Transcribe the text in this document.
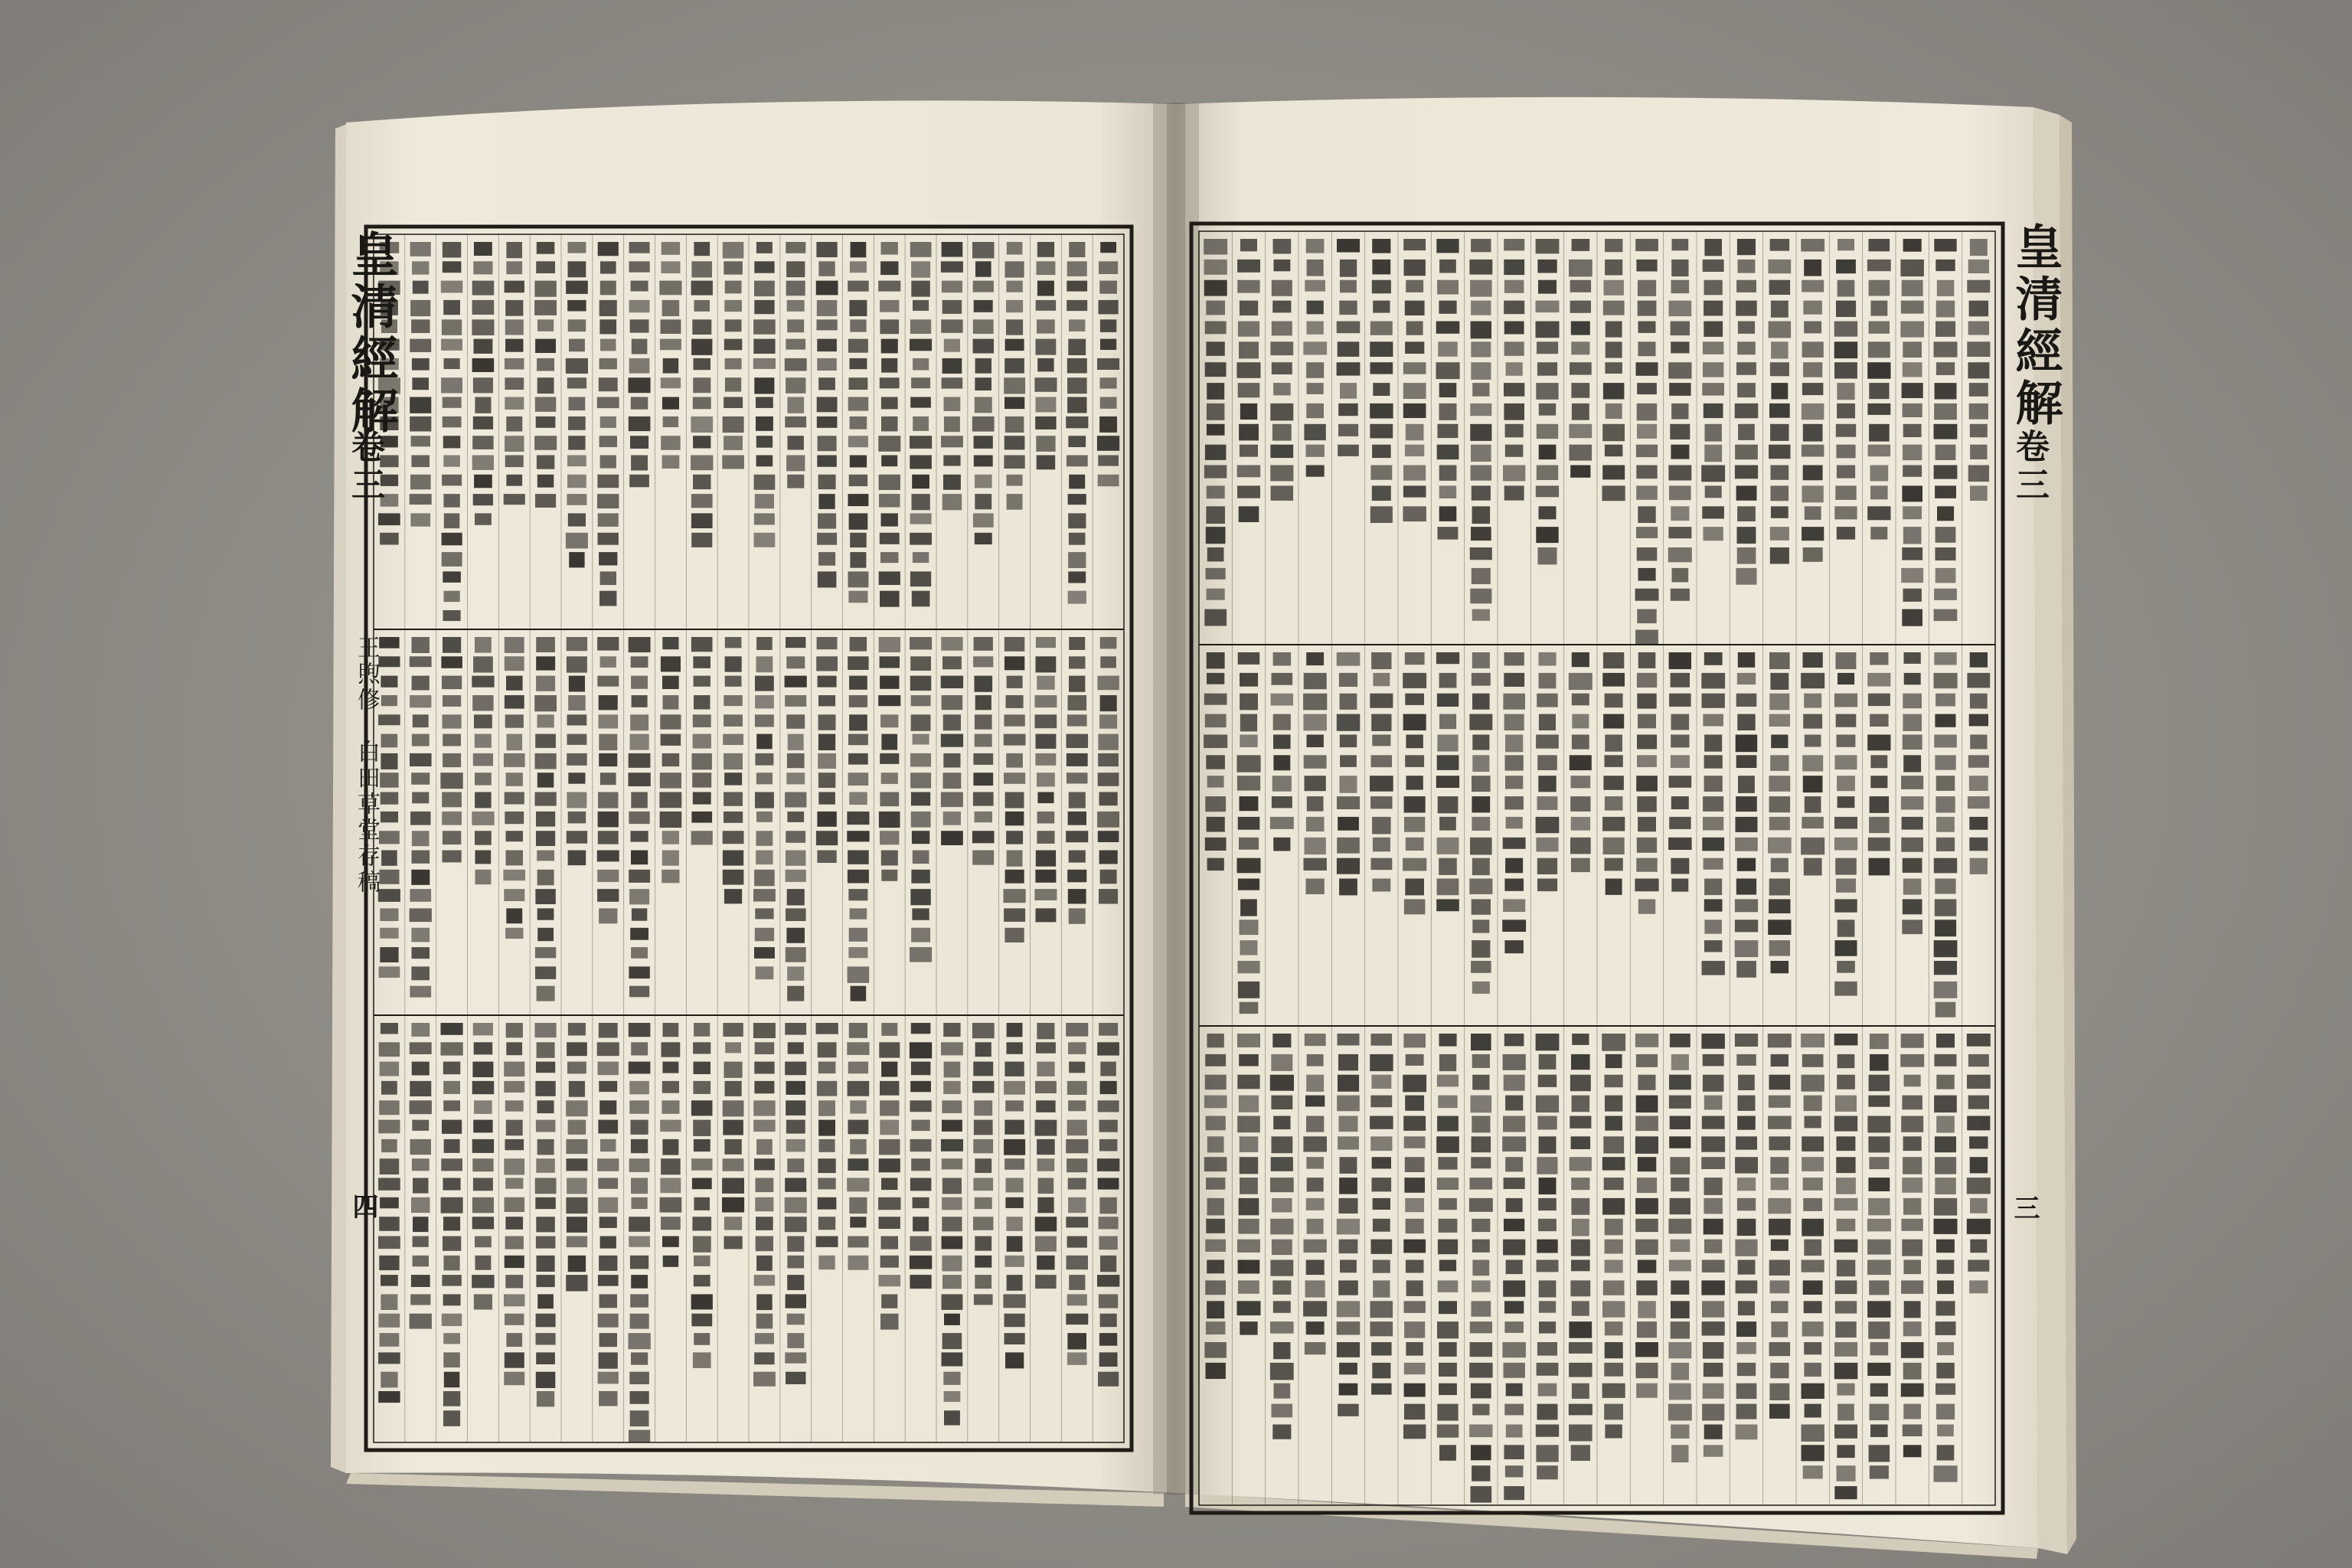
皇清經解
卷三
王煦修　白田草堂存稿
四
皇清經解
卷三
三
